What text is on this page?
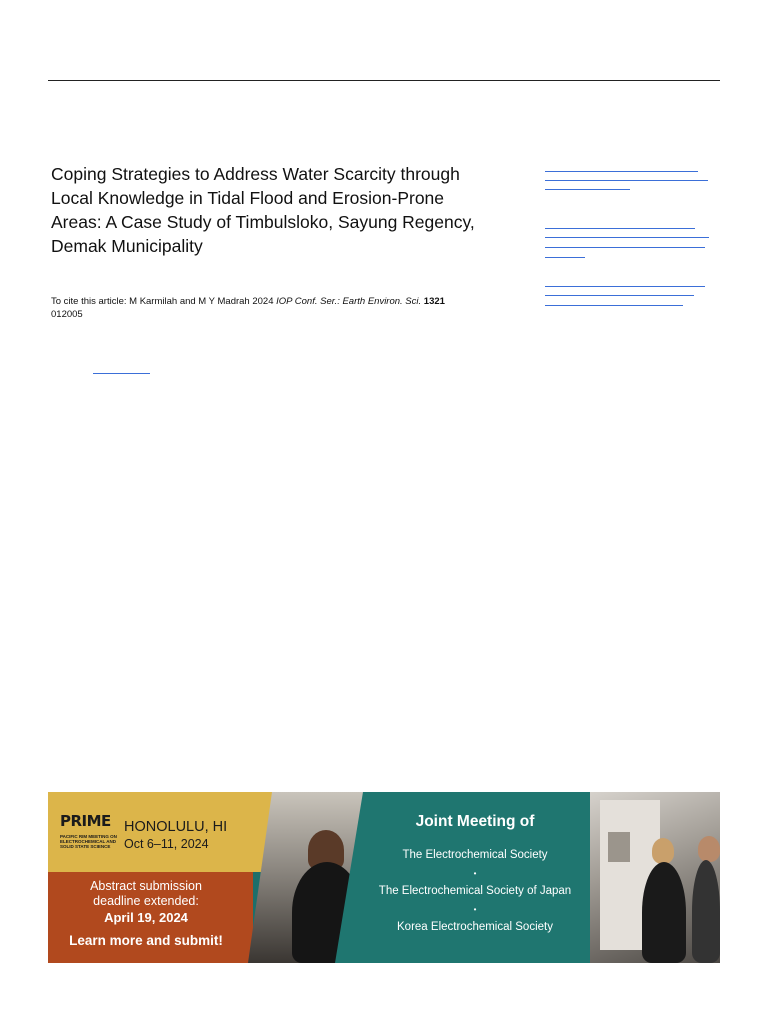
Coping Strategies to Address Water Scarcity through Local Knowledge in Tidal Flood and Erosion-Prone Areas: A Case Study of Timbulsloko, Sayung Regency, Demak Municipality
To cite this article: M Karmilah and M Y Madrah 2024 IOP Conf. Ser.: Earth Environ. Sci. 1321
012005
PRIME
PACIFIC RIM MEETING ON ELECTROCHEMICAL AND SOLID STATE SCIENCE
HONOLULU, HI
Oct 6–11, 2024
Abstract submission
deadline extended:
April 19, 2024
Learn more and submit!
Joint Meeting of
The Electrochemical Society
•
The Electrochemical Society of Japan
•
Korea Electrochemical Society
